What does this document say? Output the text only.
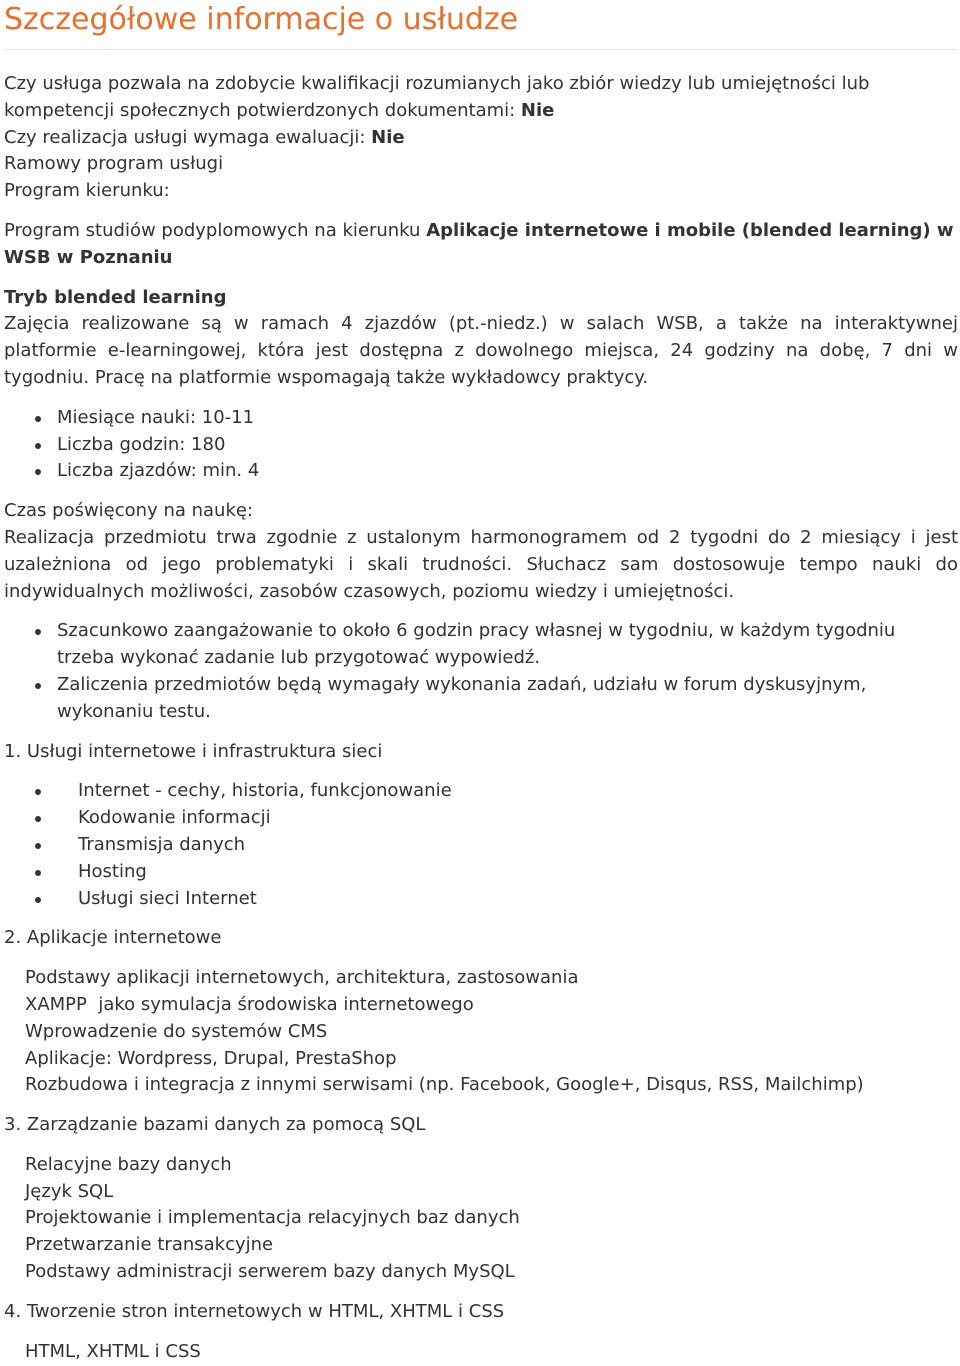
Szczegółowe informacje o usłudze

Czy usługa pozwala na zdobycie kwalifikacji rozumianych jako zbiór wiedzy lub umiejętności lub kompetencji społecznych potwierdzonych dokumentami: Nie

Czy realizacja usługi wymaga ewaluacji: Nie

Ramowy program usługi

Program kierunku:

Program studiów podyplomowych na kierunku Aplikacje internetowe i mobile (blended learning) w WSB w Poznaniu

Tryb blended learning

Zajęcia realizowane są w ramach 4 zjazdów (pt.-niedz.) w salach WSB, a także na interaktywnej platformie e-learningowej, która jest dostępna z dowolnego miejsca, 24 godziny na dobę, 7 dni w tygodniu. Pracę na platformie wspomagają także wykładowcy praktycy.

Miesiące nauki: 10-11
Liczba godzin: 180
Liczba zjazdów: min. 4

Czas poświęcony na naukę:

Realizacja przedmiotu trwa zgodnie z ustalonym harmonogramem od 2 tygodni do 2 miesiący i jest uzależniona od jego problematyki i skali trudności. Słuchacz sam dostosowuje tempo nauki do indywidualnych możliwości, zasobów czasowych, poziomu wiedzy i umiejętności.

Szacunkowo zaangażowanie to około 6 godzin pracy własnej w tygodniu, w każdym tygodniu trzeba wykonać zadanie lub przygotować wypowiedź.
Zaliczenia przedmiotów będą wymagały wykonania zadań, udziału w forum dyskusyjnym, wykonaniu testu.

1. Usługi internetowe i infrastruktura sieci

Internet - cechy, historia, funkcjonowanie
Kodowanie informacji
Transmisja danych
Hosting
Usługi sieci Internet

2. Aplikacje internetowe

Podstawy aplikacji internetowych, architektura, zastosowania

XAMPP  jako symulacja środowiska internetowego

Wprowadzenie do systemów CMS

Aplikacje: Wordpress, Drupal, PrestaShop

Rozbudowa i integracja z innymi serwisami (np. Facebook, Google+, Disqus, RSS, Mailchimp)

3. Zarządzanie bazami danych za pomocą SQL

Relacyjne bazy danych

Język SQL

Projektowanie i implementacja relacyjnych baz danych

Przetwarzanie transakcyjne

Podstawy administracji serwerem bazy danych MySQL

4. Tworzenie stron internetowych w HTML, XHTML i CSS

HTML, XHTML i CSS
